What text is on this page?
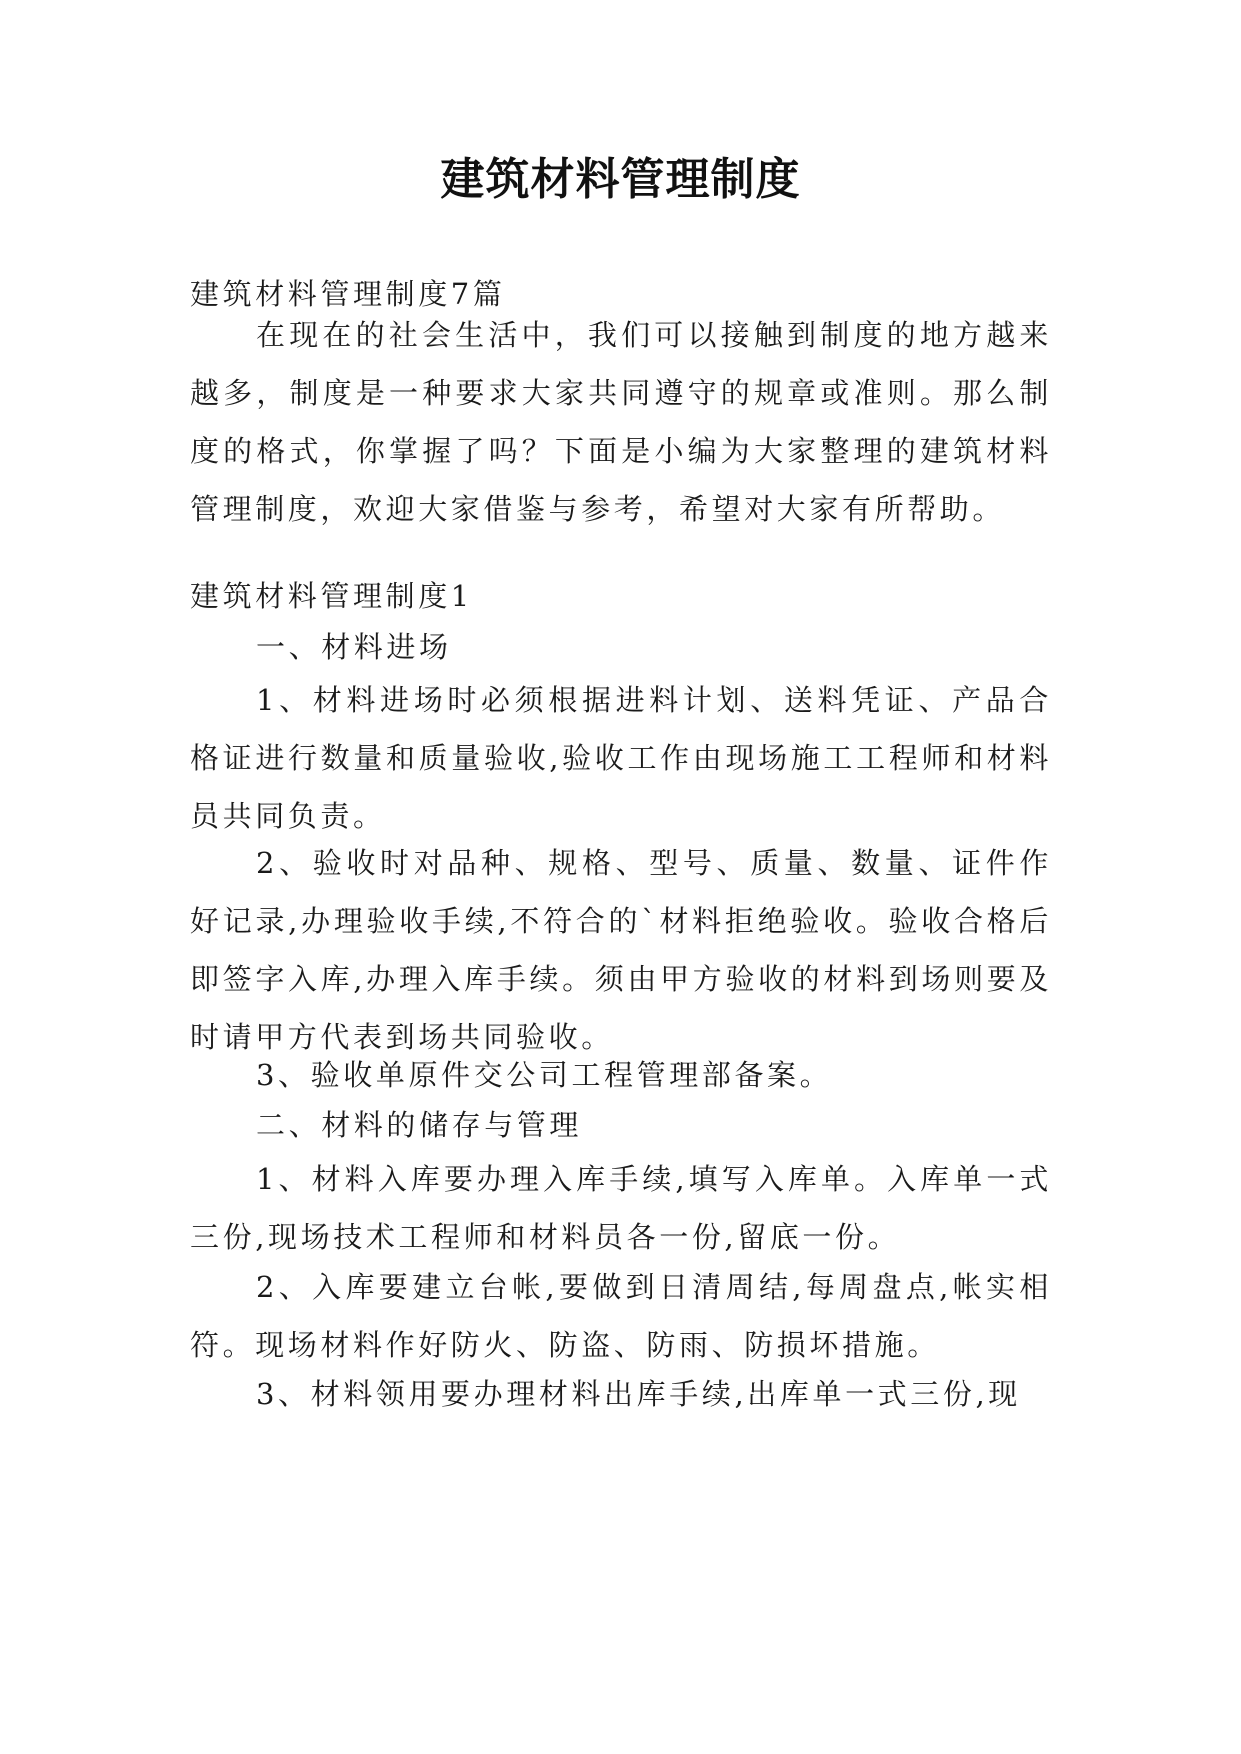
建筑材料管理制度

建筑材料管理制度7篇

在现在的社会生活中，我们可以接触到制度的地方越来越多，制度是一种要求大家共同遵守的规章或准则。那么制度的格式，你掌握了吗？下面是小编为大家整理的建筑材料管理制度，欢迎大家借鉴与参考，希望对大家有所帮助。

建筑材料管理制度1

一、材料进场

1、材料进场时必须根据进料计划、送料凭证、产品合格证进行数量和质量验收,验收工作由现场施工工程师和材料员共同负责。

2、验收时对品种、规格、型号、质量、数量、证件作好记录,办理验收手续,不符合的`材料拒绝验收。验收合格后即签字入库,办理入库手续。须由甲方验收的材料到场则要及时请甲方代表到场共同验收。

3、验收单原件交公司工程管理部备案。

二、材料的储存与管理

1、材料入库要办理入库手续,填写入库单。入库单一式三份,现场技术工程师和材料员各一份,留底一份。

2、入库要建立台帐,要做到日清周结,每周盘点,帐实相符。现场材料作好防火、防盗、防雨、防损坏措施。

3、材料领用要办理材料出库手续,出库单一式三份,现
